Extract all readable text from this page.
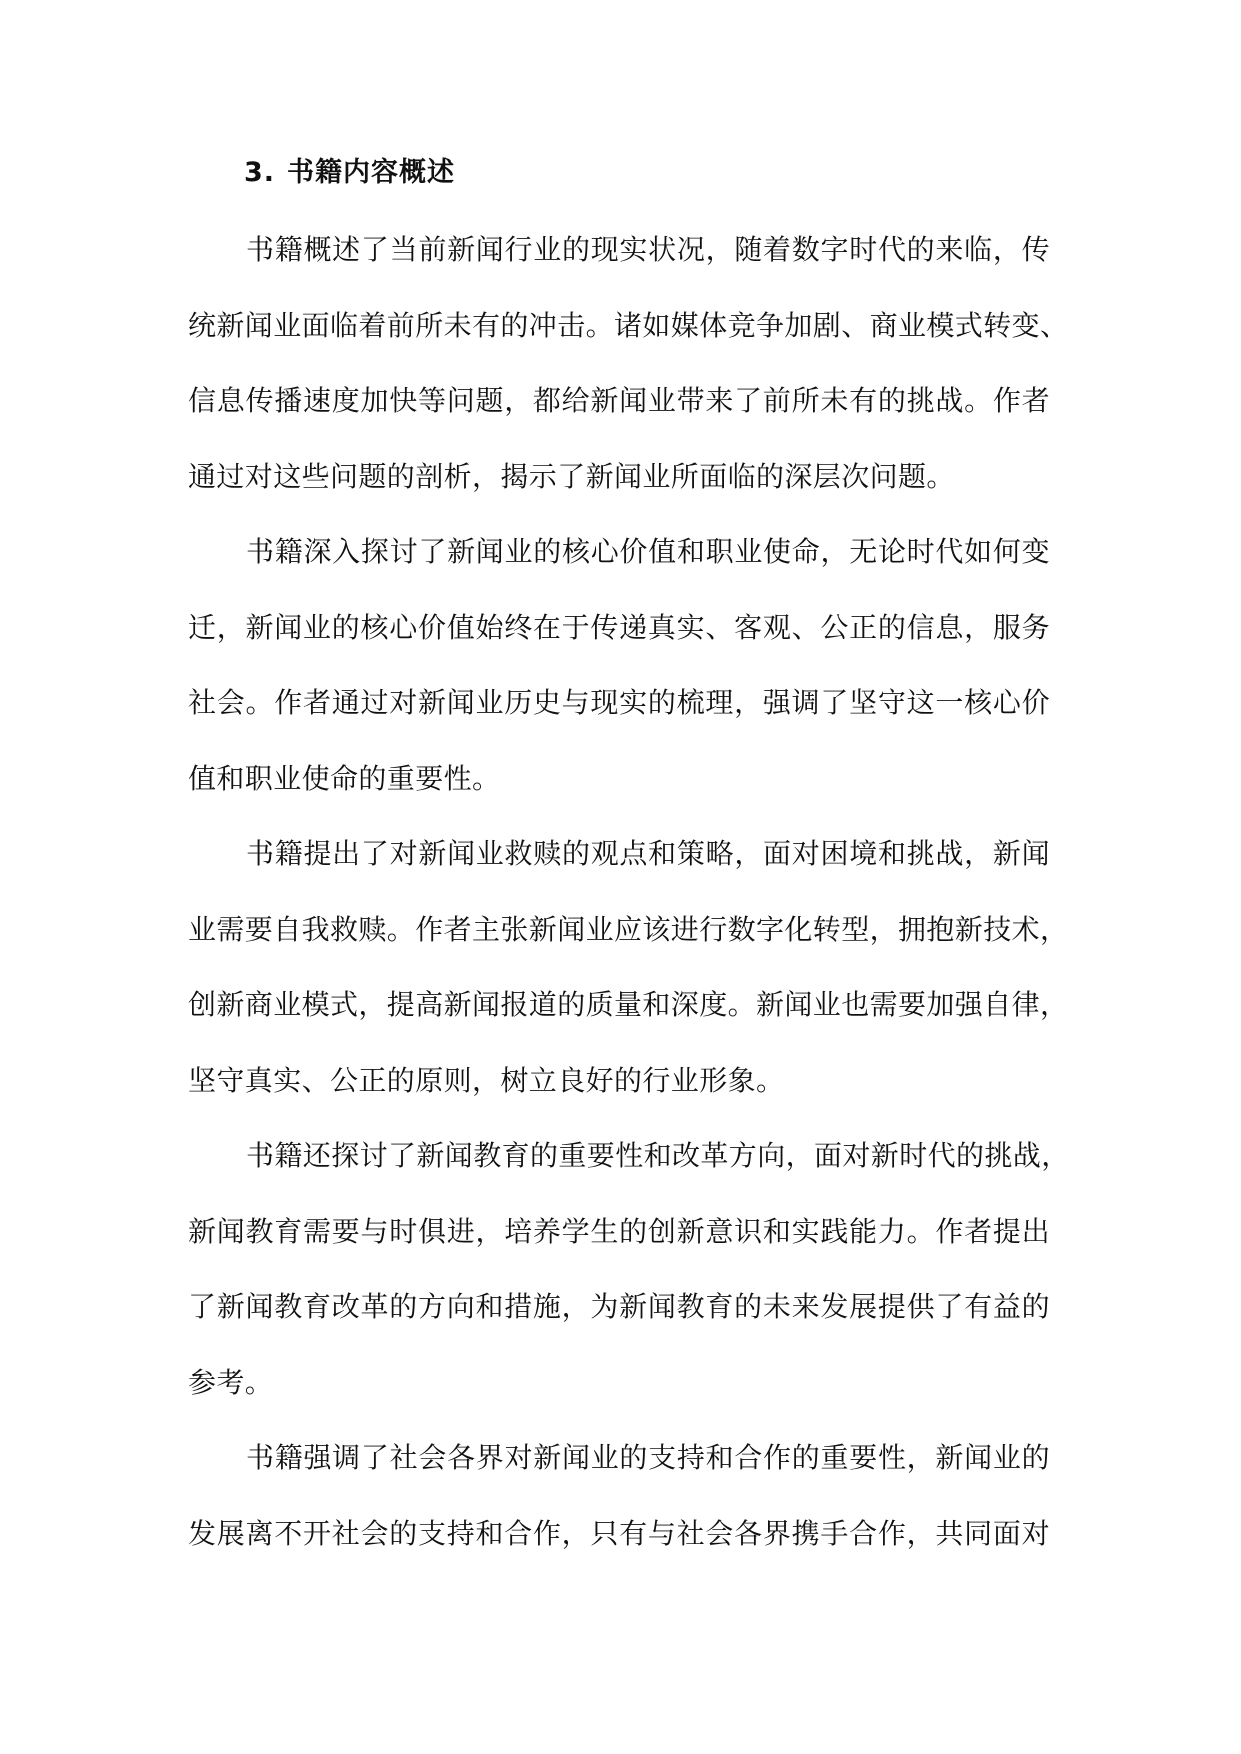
3. 书籍内容概述
书籍概述了当前新闻行业的现实状况，随着数字时代的来临，传
统新闻业面临着前所未有的冲击。诸如媒体竞争加剧、商业模式转变、
信息传播速度加快等问题，都给新闻业带来了前所未有的挑战。作者
通过对这些问题的剖析，揭示了新闻业所面临的深层次问题。
书籍深入探讨了新闻业的核心价值和职业使命，无论时代如何变
迁，新闻业的核心价值始终在于传递真实、客观、公正的信息，服务
社会。作者通过对新闻业历史与现实的梳理，强调了坚守这一核心价
值和职业使命的重要性。
书籍提出了对新闻业救赎的观点和策略，面对困境和挑战，新闻
业需要自我救赎。作者主张新闻业应该进行数字化转型，拥抱新技术，
创新商业模式，提高新闻报道的质量和深度。新闻业也需要加强自律，
坚守真实、公正的原则，树立良好的行业形象。
书籍还探讨了新闻教育的重要性和改革方向，面对新时代的挑战，
新闻教育需要与时俱进，培养学生的创新意识和实践能力。作者提出
了新闻教育改革的方向和措施，为新闻教育的未来发展提供了有益的
参考。
书籍强调了社会各界对新闻业的支持和合作的重要性，新闻业的
发展离不开社会的支持和合作，只有与社会各界携手合作，共同面对
